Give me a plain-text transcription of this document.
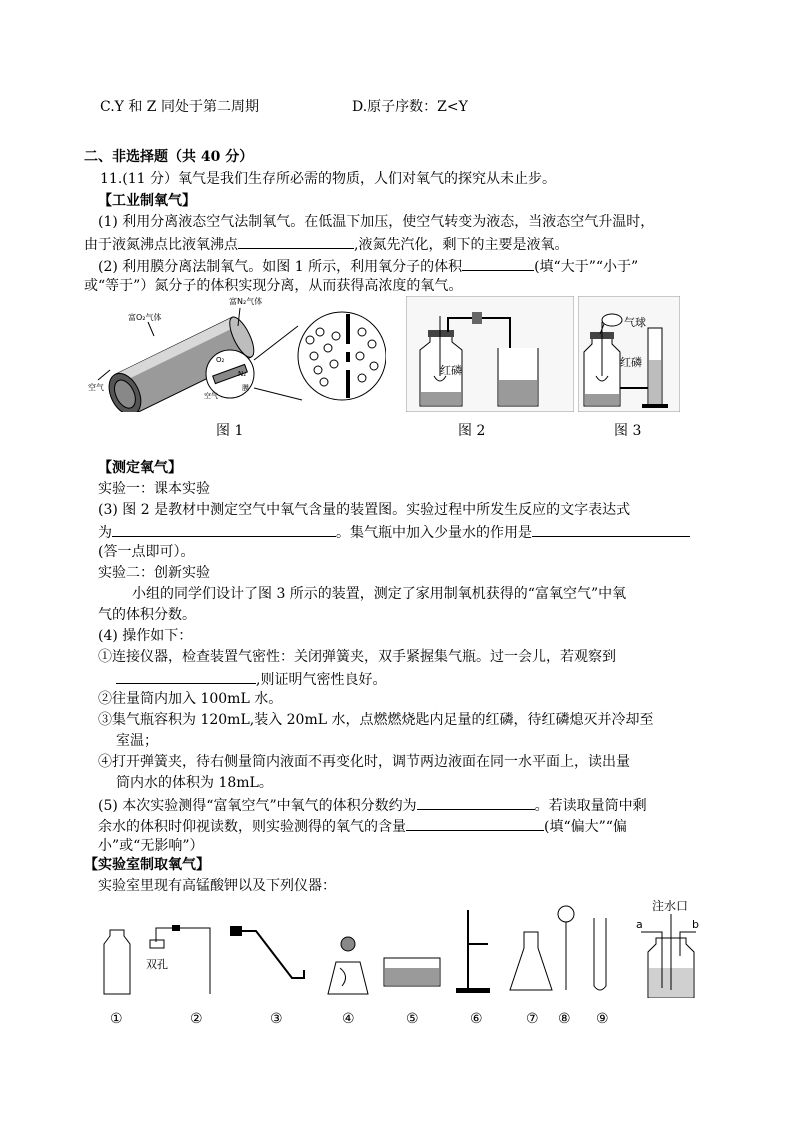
C.Y 和 Z 同处于第二周期	D.原子序数：Z<Y
二、非选择题（共 40 分）
11.(11 分）氧气是我们生存所必需的物质，人们对氧气的探究从未止步。
【工业制氧气】
(1) 利用分离液态空气法制氧气。在低温下加压，使空气转变为液态，当液态空气升温时，
由于液氮沸点比液氧沸点	,液氮先汽化，剩下的主要是液氧。
(2) 利用膜分离法制氧气。如图 1 所示，利用氧分子的体积	(填“大于”“小于”
或“等于”）氮分子的体积实现分离，从而获得高浓度的氧气。
富O₂气体
富N₂气体
空气
O₂
N₂
膜
空气
图 1
红磷
图 2
气球
红磷
图 3
【测定氧气】
实验一：课本实验
(3) 图 2 是教材中测定空气中氧气含量的装置图。实验过程中所发生反应的文字表达式
为	。集气瓶中加入少量水的作用是
(答一点即可）。
实验二：创新实验
小组的同学们设计了图 3 所示的装置，测定了家用制氧机获得的“富氧空气”中氧
气的体积分数。
(4) 操作如下：
①连接仪器，检查装置气密性：关闭弹簧夹，双手紧握集气瓶。过一会儿，若观察到
,则证明气密性良好。
②往量筒内加入 100mL 水。
③集气瓶容积为 120mL,装入 20mL 水，点燃燃烧匙内足量的红磷，待红磷熄灭并冷却至
室温；
④打开弹簧夹，待右侧量筒内液面不再变化时，调节两边液面在同一水平面上，读出量
筒内水的体积为 18mL。
(5) 本次实验测得“富氧空气”中氧气的体积分数约为	。若读取量筒中剩
余水的体积时仰视读数，则实验测得的氧气的含量	(填“偏大”“偏
小”或“无影响”）
【实验室制取氧气】
实验室里现有高锰酸钾以及下列仪器：
双孔
注水口
a	b
①	②	③	④	⑤	⑥	⑦ ⑧ ⑨
